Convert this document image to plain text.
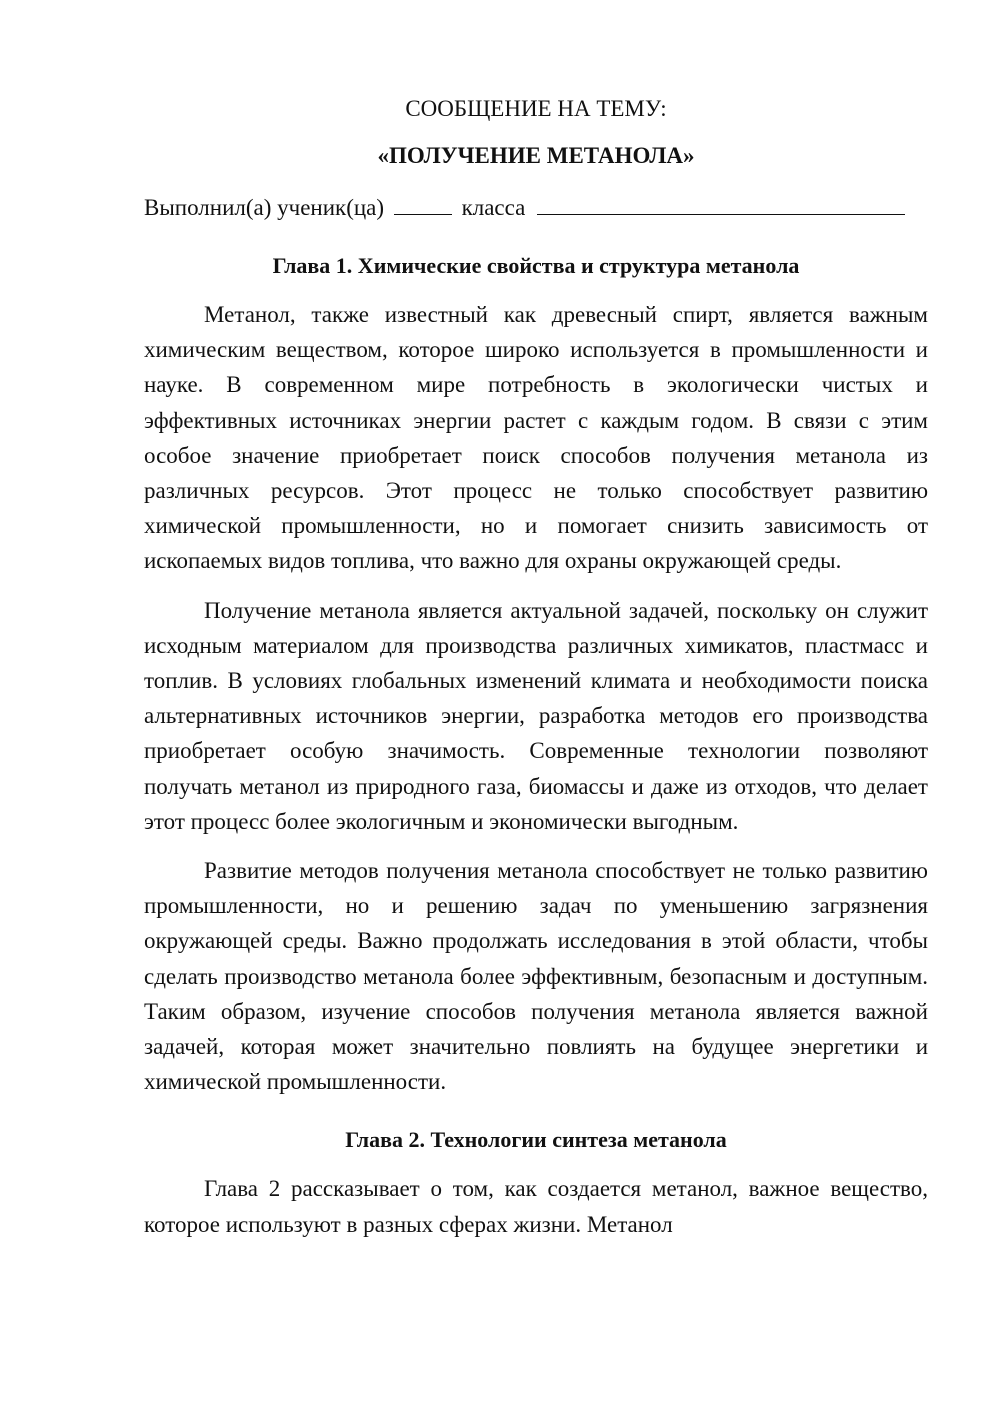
СООБЩЕНИЕ НА ТЕМУ:

«ПОЛУЧЕНИЕ МЕТАНОЛА»

Выполнил(а) ученик(ца)	класса

Глава 1. Химические свойства и структура метанола

Метанол, также известный как древесный спирт, является важным химическим веществом, которое широко используется в промышленности и науке. В современном мире потребность в экологически чистых и эффективных источниках энергии растет с каждым годом. В связи с этим особое значение приобретает поиск способов получения метанола из различных ресурсов. Этот процесс не только способствует развитию химической промышленности, но и помогает снизить зависимость от ископаемых видов топлива, что важно для охраны окружающей среды.

Получение метанола является актуальной задачей, поскольку он служит исходным материалом для производства различных химикатов, пластмасс и топлив. В условиях глобальных изменений климата и необходимости поиска альтернативных источников энергии, разработка методов его производства приобретает особую значимость. Современные технологии позволяют получать метанол из природного газа, биомассы и даже из отходов, что делает этот процесс более экологичным и экономически выгодным.

Развитие методов получения метанола способствует не только развитию промышленности, но и решению задач по уменьшению загрязнения окружающей среды. Важно продолжать исследования в этой области, чтобы сделать производство метанола более эффективным, безопасным и доступным. Таким образом, изучение способов получения метанола является важной задачей, которая может значительно повлиять на будущее энергетики и химической промышленности.

Глава 2. Технологии синтеза метанола

Глава 2 рассказывает о том, как создается метанол, важное вещество, которое используют в разных сферах жизни. Метанол
